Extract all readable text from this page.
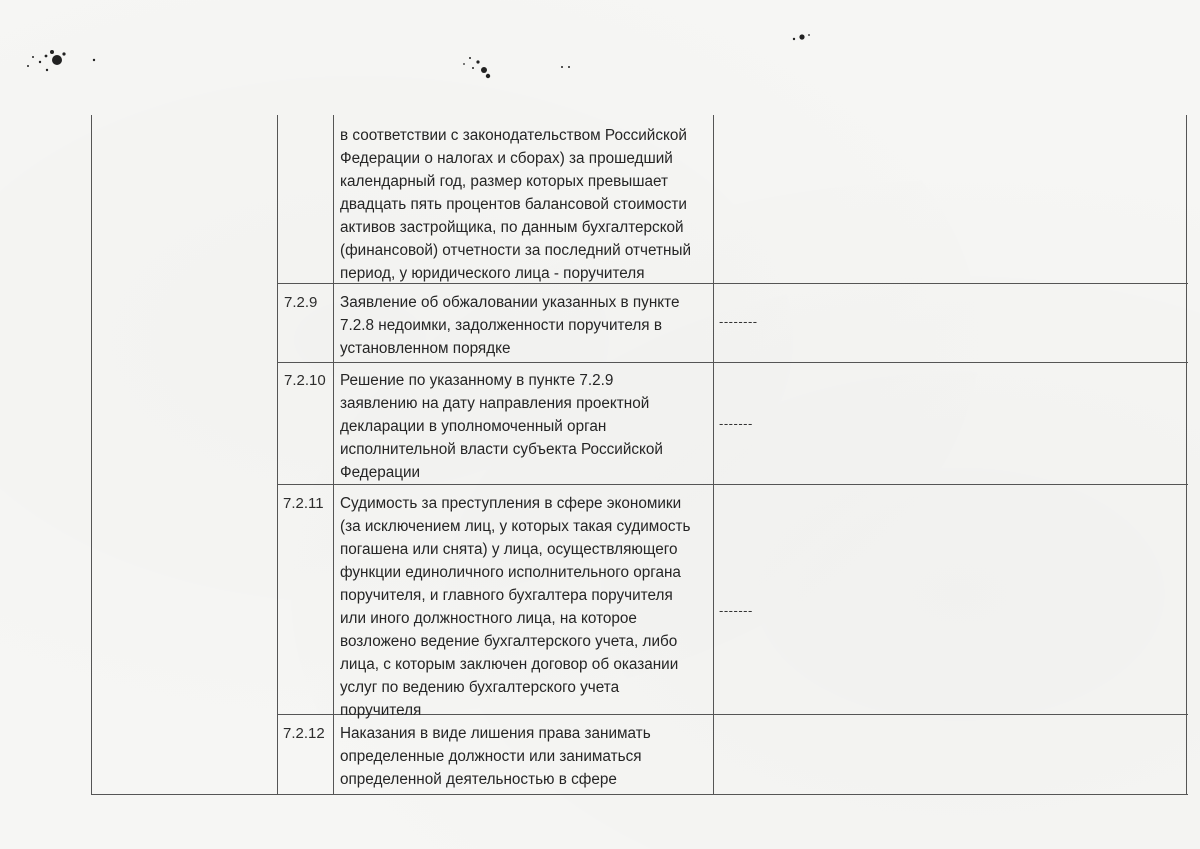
в соответствии с законодательством Российской
Федерации о налогах и сборах) за прошедший
календарный год, размер которых превышает
двадцать пять процентов балансовой стоимости
активов застройщика, по данным бухгалтерской
(финансовой) отчетности за последний отчетный
период, у юридического лица - поручителя
7.2.9 Заявление об обжаловании указанных в пункте
7.2.8 недоимки, задолженности поручителя в
установленном порядке
--------
7.2.10 Решение по указанному в пункте 7.2.9
заявлению на дату направления проектной
декларации в уполномоченный орган
исполнительной власти субъекта Российской
Федерации
-------
7.2.11 Судимость за преступления в сфере экономики
(за исключением лиц, у которых такая судимость
погашена или снята) у лица, осуществляющего
функции единоличного исполнительного органа
поручителя, и главного бухгалтера поручителя
или иного должностного лица, на которое
возложено ведение бухгалтерского учета, либо
лица, с которым заключен договор об оказании
услуг по ведению бухгалтерского учета
поручителя
-------
7.2.12 Наказания в виде лишения права занимать
определенные должности или заниматься
определенной деятельностью в сфере
